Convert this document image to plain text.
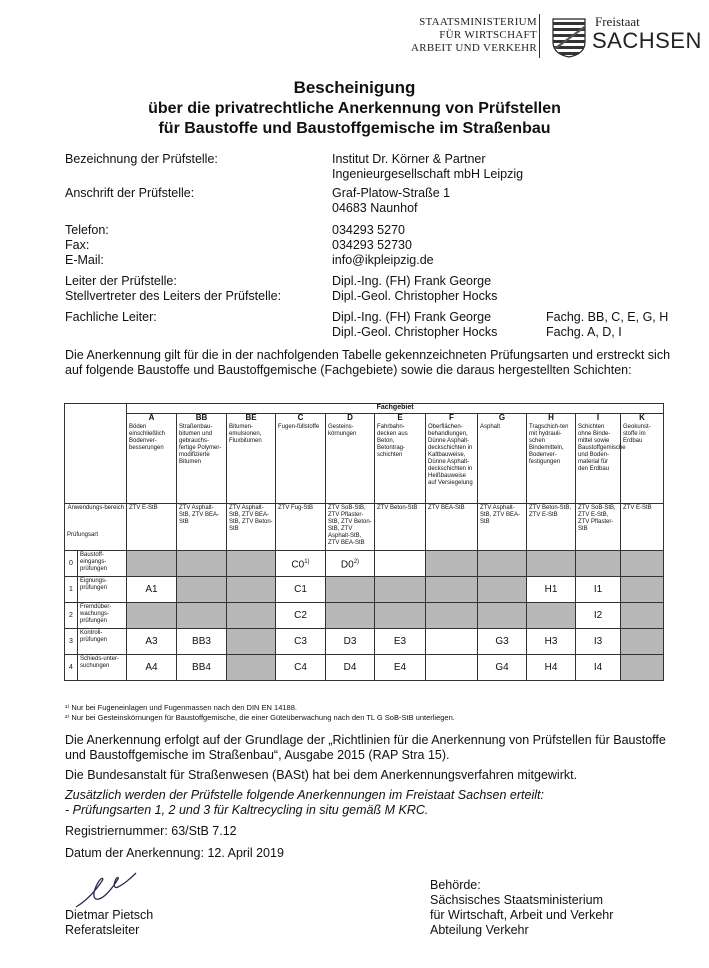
STAATSMINISTERIUM
FÜR WIRTSCHAFT
ARBEIT UND VERKEHR
Freistaat
SACHSEN
Bescheinigung
über die privatrechtliche Anerkennung von Prüfstellen
für Baustoffe und Baustoffgemische im Straßenbau
Bezeichnung der Prüfstelle:	Institut Dr. Körner & Partner
Ingenieurgesellschaft mbH Leipzig
Anschrift der Prüfstelle:	Graf-Platow-Straße 1
04683 Naunhof
Telefon:	034293 5270
Fax:	034293 52730
E-Mail:	info@ikpleipzig.de
Leiter der Prüfstelle:	Dipl.-Ing. (FH) Frank George
Stellvertreter des Leiters der Prüfstelle:	Dipl.-Geol. Christopher Hocks
Fachliche Leiter:	Dipl.-Ing. (FH) Frank George	Fachg. BB, C, E, G, H
Dipl.-Geol. Christopher Hocks	Fachg. A, D, I
Die Anerkennung gilt für die in der nachfolgenden Tabelle gekennzeichneten Prüfungsarten und erstreckt sich auf folgende Baustoffe und Baustoffgemische (Fachgebiete) sowie die daraus hergestellten Schichten:
		Fachgebiet										
		A	BB	BE	C	D	E	F	G	H	I	K
		Böden einschließlich Bodenver-besserungen	Straßenbau-bitumen und gebrauchs-fertige Polymer-modifizierte Bitumen	Bitumen-emulsionen, Fluxbitumen	Fugen-füllstoffe	Gesteins-körnungen	Fahrbahn-decken aus Beton, Betontrag-schichten	Oberflächen-behandlungen, Dünne Asphalt-deckschichten in Kaltbauweise, Dünne Asphalt-deckschichten in Heißbauweise auf Versiegelung	Asphalt	Tragschich-ten mit hydrauli-schen Bindemitteln, Bodenver-festigungen	Schichten ohne Binde-mittel sowie Baustoffgemische und Boden-material für den Erdbau	Geokunst-stoffe im Erdbau

Anwendungs-bereich
Prüfungsart		ZTV E-StB	ZTV Asphalt-StB, ZTV BEA-StB	ZTV Asphalt-StB, ZTV BEA-StB, ZTV Beton-StB	ZTV Fug-StB	ZTV SoB-StB, ZTV Pflaster-StB, ZTV Beton-StB, ZTV Asphalt-StB, ZTV BEA-StB	ZTV Beton-StB	ZTV BEA-StB	ZTV Asphalt-StB, ZTV BEA-StB	ZTV Beton-StB, ZTV E-StB	ZTV SoB-StB, ZTV E-StB, ZTV Pflaster-StB	ZTV E-StB
0	Baustoff-eingangs-prüfungen				C0$^{1)}$	D0$^{2)}$						
1	Eignungs-prüfungen	A1			C1					H1	I1	
2	Fremdüber-wachungs-prüfungen				C2						I2	
3	Kontroll-prüfungen	A3	BB3		C3	D3	E3		G3	H3	I3	
4	Schieds-unter-suchungen	A4	BB4		C4	D4	E4		G4	H4	I4	
¹⁾ Nur bei Fugeneinlagen und Fugenmassen nach den DIN EN 14188.
²⁾ Nur bei Gesteinskörnungen für Baustoffgemische, die einer Güteüberwachung nach den TL G SoB-StB unterliegen.
Die Anerkennung erfolgt auf der Grundlage der „Richtlinien für die Anerkennung von Prüfstellen für Baustoffe und Baustoffgemische im Straßenbau“, Ausgabe 2015 (RAP Stra 15).
Die Bundesanstalt für Straßenwesen (BASt) hat bei dem Anerkennungsverfahren mitgewirkt.
Zusätzlich werden der Prüfstelle folgende Anerkennungen im Freistaat Sachsen erteilt:
- Prüfungsarten 1, 2 und 3 für Kaltrecycling in situ gemäß M KRC.
Registriernummer: 63/StB 7.12
Datum der Anerkennung: 12. April 2019
Dietmar Pietsch
Referatsleiter
Behörde:
Sächsisches Staatsministerium
für Wirtschaft, Arbeit und Verkehr
Abteilung Verkehr
